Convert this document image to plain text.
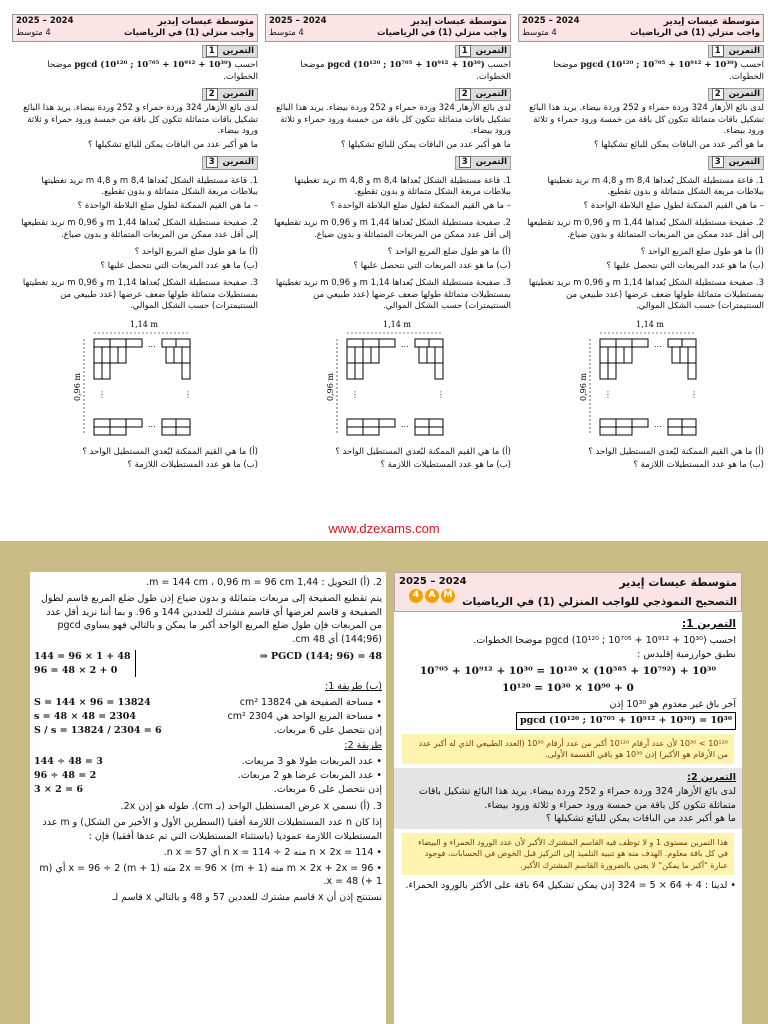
متوسطة عيسات إيدير
واجب منزلي (1) في الرياضيات
2025 – 2024
4 متوسط
التمرين 1
احسب pgcd (10¹²⁰ ; 10⁷⁰⁵ + 10⁹¹² + 10³⁰) موضحا الخطوات.
التمرين 2
لدى بائع الأزهار 324 وردة حمراء و 252 وردة بيضاء. يريد هذا البائع تشكيل باقات متماثلة تتكون كل باقة من خمسة ورود حمراء و ثلاثة ورود بيضاء.
ما هو أكبر عدد من الباقات يمكن للبائع تشكيلها ؟
التمرين 3
1. قاعة مستطيلة الشكل بُعداها 8,4 m و 4,8 m نريد تغطيتها ببلاطات مربعة الشكل متماثلة و بدون تقطيع.
– ما هي القيم الممكنة لطول ضلع البلاطة الواحدة ؟
2. صفيحة مستطيلة الشكل بُعداها 1,44 m و 0,96 m نريد تقطيعها إلى أقل عدد ممكن من المربعات المتماثلة و بدون ضياع.
(أ) ما هو طول ضلع المربع الواحد ؟
(ب) ما هو عدد المربعات التي نتحصل عليها ؟
3. صفيحة مستطيلة الشكل بُعداها 1,14 m و 0,96 m نريد تغطيتها بمستطيلات متماثلة طولها ضعف عرضها (عدد طبيعي من السنتيمترات) حسب الشكل الموالي.
1,14 m
0,96 m
...
...
⋮	⋮
(أ) ما هي القيم الممكنة لبُعدي المستطيل الواحد ؟
(ب) ما هو عدد المستطيلات اللازمة ؟
متوسطة عيسات إيدير
واجب منزلي (1) في الرياضيات
2025 – 2024
4 متوسط
التمرين 1
احسب pgcd (10¹²⁰ ; 10⁷⁰⁵ + 10⁹¹² + 10³⁰) موضحا الخطوات.
التمرين 2
لدى بائع الأزهار 324 وردة حمراء و 252 وردة بيضاء. يريد هذا البائع تشكيل باقات متماثلة تتكون كل باقة من خمسة ورود حمراء و ثلاثة ورود بيضاء.
ما هو أكبر عدد من الباقات يمكن للبائع تشكيلها ؟
التمرين 3
1. قاعة مستطيلة الشكل بُعداها 8,4 m و 4,8 m نريد تغطيتها ببلاطات مربعة الشكل متماثلة و بدون تقطيع.
– ما هي القيم الممكنة لطول ضلع البلاطة الواحدة ؟
2. صفيحة مستطيلة الشكل بُعداها 1,44 m و 0,96 m نريد تقطيعها إلى أقل عدد ممكن من المربعات المتماثلة و بدون ضياع.
(أ) ما هو طول ضلع المربع الواحد ؟
(ب) ما هو عدد المربعات التي نتحصل عليها ؟
3. صفيحة مستطيلة الشكل بُعداها 1,14 m و 0,96 m نريد تغطيتها بمستطيلات متماثلة طولها ضعف عرضها (عدد طبيعي من السنتيمترات) حسب الشكل الموالي.
1,14 m
0,96 m
...
...
⋮	⋮
(أ) ما هي القيم الممكنة لبُعدي المستطيل الواحد ؟
(ب) ما هو عدد المستطيلات اللازمة ؟
متوسطة عيسات إيدير
واجب منزلي (1) في الرياضيات
2025 – 2024
4 متوسط
التمرين 1
احسب pgcd (10¹²⁰ ; 10⁷⁰⁵ + 10⁹¹² + 10³⁰) موضحا الخطوات.
التمرين 2
لدى بائع الأزهار 324 وردة حمراء و 252 وردة بيضاء. يريد هذا البائع تشكيل باقات متماثلة تتكون كل باقة من خمسة ورود حمراء و ثلاثة ورود بيضاء.
ما هو أكبر عدد من الباقات يمكن للبائع تشكيلها ؟
التمرين 3
1. قاعة مستطيلة الشكل بُعداها 8,4 m و 4,8 m نريد تغطيتها ببلاطات مربعة الشكل متماثلة و بدون تقطيع.
– ما هي القيم الممكنة لطول ضلع البلاطة الواحدة ؟
2. صفيحة مستطيلة الشكل بُعداها 1,44 m و 0,96 m نريد تقطيعها إلى أقل عدد ممكن من المربعات المتماثلة و بدون ضياع.
(أ) ما هو طول ضلع المربع الواحد ؟
(ب) ما هو عدد المربعات التي نتحصل عليها ؟
3. صفيحة مستطيلة الشكل بُعداها 1,14 m و 0,96 m نريد تغطيتها بمستطيلات متماثلة طولها ضعف عرضها (عدد طبيعي من السنتيمترات) حسب الشكل الموالي.
1,14 m
0,96 m
...
...
⋮	⋮
(أ) ما هي القيم الممكنة لبُعدي المستطيل الواحد ؟
(ب) ما هو عدد المستطيلات اللازمة ؟
www.dzexams.com
2. (أ) التحويل : 1,44 m = 144 cm ، 0,96 m = 96 cm.
يتم تقطيع الصفيحة إلى مربعات متماثلة و بدون ضياع إذن طول ضلع المربع قاسم لطول الصفيحة و قاسم لعرضها أي قاسم مشترك للعددين 144 و 96. و بما أننا نريد أقل عدد من المربعات فإن طول ضلع المربع الواحد أكبر ما يمكن و بالتالي فهو يساوي pgcd (144;96) أي 48 cm.
⇒ PGCD (144; 96) = 48
144 = 96 × 1 + 48
96 = 48 × 2 + 0
(ب) طريقة 1:
• مساحة الصفيحة هي 13824 cm²
S = 144 × 96 = 13824
• مساحة المربع الواحد هي 2304 cm²
s = 48 × 48 = 2304
إذن نتحصل على 6 مربعات.
S / s = 13824 / 2304 = 6
طريقة 2:
• عدد المربعات طولا هو 3 مربعات.
144 ÷ 48 = 3
• عدد المربعات عرضا هو 2 مربعات.
96 ÷ 48 = 2
إذن نتحصل على 6 مربعات.
3 × 2 = 6
3. (أ) نسمي x عرض المستطيل الواحد (بـ cm). طوله هو إذن 2x.
إذا كان n عدد المستطيلات اللازمة أفقيا (السطرين الأول و الأخير من الشكل) و m عدد المستطيلات اللازمة عموديا (باستثناء المستطيلات التي تم عدها أفقيا) فإن :
• n × 2x = 114 منه n x = 114 ÷ 2 أي n x = 57.
• m × 2x + 2x = 96 منه (m + 1) × 2x = 96 منه (m + 1) x = 96 ÷ 2 أي (m + 1) x = 48.
نستنتج إذن أن x قاسم مشترك للعددين 57 و 48 و بالتالي x قاسم لـ
متوسطة عيسات إيدير
التصحيح النموذجي للواجب المنزلي (1) في الرياضيات
2025 – 2024
4	A M
التمرين 1:
احسب pgcd (10¹²⁰ ; 10⁷⁰⁵ + 10⁹¹² + 10³⁰) موضحا الخطوات.
نطبق خوارزمية إقليدس :
10⁷⁰⁵ + 10⁹¹² + 10³⁰ = 10¹²⁰ × (10⁵⁸⁵ + 10⁷⁹²) + 10³⁰
10¹²⁰ = 10³⁰ × 10⁹⁰ + 0
آخر باق غير معدوم هو 10³⁰ إذن
pgcd (10¹²⁰ ; 10⁷⁰⁵ + 10⁹¹² + 10³⁰) = 10³⁰
10¹²⁰ > 10³⁰ لأن عدد أرقام 10¹²⁰ أكبر من عدد أرقام 10³⁰ (العدد الطبيعي الذي له أكبر عدد من الأرقام هو الأكبر) إذن 10³⁰ هو باقي القسمة الأولى.
التمرين 2:
لدى بائع الأزهار 324 وردة حمراء و 252 وردة بيضاء. يريد هذا البائع تشكيل باقات متماثلة تتكون كل باقة من خمسة ورود حمراء و ثلاثة ورود بيضاء.
ما هو أكبر عدد من الباقات يمكن للبائع تشكيلها ؟
هذا التمرين مستوى 1 و لا توظف فيه القاسم المشترك الأكبر لأن عدد الورود الحمراء و البيضاء في كل باقة معلوم. الهدف منه هو تنبيه التلميذ إلى التركيز قبل الخوض في الحسابات، فوجود عبارة "أكبر ما يمكن" لا يعني بالضرورة القاسم المشترك الأكبر.
• لدينا : 4 + 64 × 5 = 324 إذن يمكن تشكيل 64 باقة على الأكثر بالورود الحمراء.
